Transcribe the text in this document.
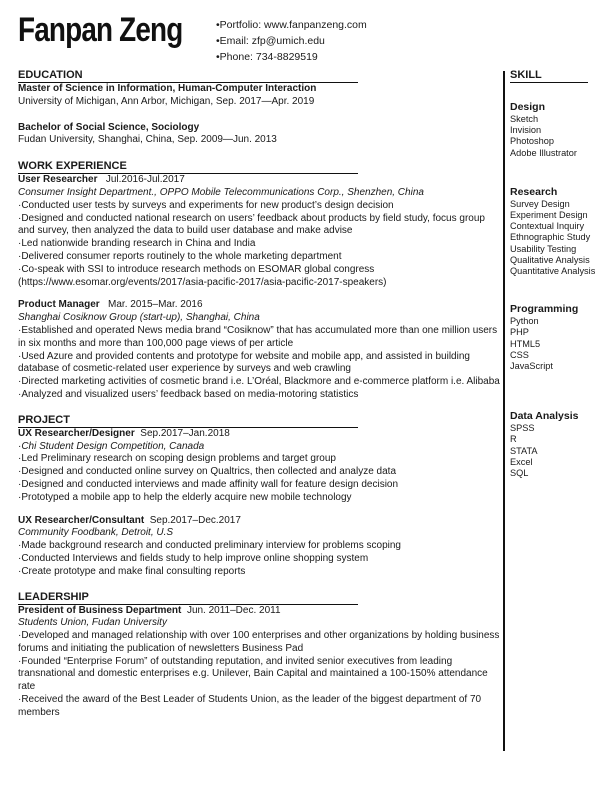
Fanpan Zeng	•Portfolio: www.fanpanzeng.com
•Email: zfp@umich.edu
•Phone: 734-8829519
EDUCATION
Master of Science in Information, Human-Computer Interaction
University of Michigan, Ann Arbor, Michigan, Sep. 2017—Apr. 2019
Bachelor of Social Science, Sociology
Fudan University, Shanghai, China, Sep. 2009—Jun. 2013
WORK EXPERIENCE
User Researcher Jul.2016-Jul.2017
Consumer Insight Department., OPPO Mobile Telecommunications Corp., Shenzhen, China
·Conducted user tests by surveys and experiments for new product’s design decision
·Designed and conducted national research on users’ feedback about products by field study, focus group and survey, then analyzed the data to build user database and make advise
·Led nationwide branding research in China and India
·Delivered consumer reports routinely to the whole marketing department
·Co-speak with SSI to introduce research methods on ESOMAR global congress
(https://www.esomar.org/events/2017/asia-pacific-2017/asia-pacific-2017-speakers)
Product Manager Mar. 2015–Mar. 2016
Shanghai Cosiknow Group (start-up), Shanghai, China
·Established and operated News media brand “Cosiknow” that has accumulated more than one million users in six months and more than 100,000 page views of per article
·Used Azure and provided contents and prototype for website and mobile app, and assisted in building database of cosmetic-related user experience by surveys and web crawling
·Directed marketing activities of cosmetic brand i.e. L’Oréal, Blackmore and e-commerce platform i.e. Alibaba
·Analyzed and visualized users’ feedback based on media-motoring statistics
PROJECT
UX Researcher/Designer Sep.2017–Jan.2018
·Chi Student Design Competition, Canada
·Led Preliminary research on scoping design problems and target group
·Designed and conducted online survey on Qualtrics, then collected and analyze data
·Designed and conducted interviews and made affinity wall for feature design decision
·Prototyped a mobile app to help the elderly acquire new mobile technology
UX Researcher/Consultant Sep.2017–Dec.2017
Community Foodbank, Detroit, U.S
·Made background research and conducted preliminary interview for problems scoping
·Conducted Interviews and fields study to help improve online shopping system
·Create prototype and make final consulting reports
LEADERSHIP
President of Business Department Jun. 2011–Dec. 2011
Students Union, Fudan University
·Developed and managed relationship with over 100 enterprises and other organizations by holding business forums and initiating the publication of newsletters Business Pad
·Founded “Enterprise Forum” of outstanding reputation, and invited senior executives from leading transnational and domestic enterprises e.g. Unilever, Bain Capital and maintained a 100-150% attendance rate
·Received the award of the Best Leader of Students Union, as the leader of the biggest department of 70 members
SKILL
Design
Sketch
Invision
Photoshop
Adobe Illustrator
Research
Survey Design
Experiment Design
Contextual Inquiry
Ethnographic Study
Usability Testing
Qualitative Analysis
Quantitative Analysis
Programming
Python
PHP
HTML5
CSS
JavaScript
Data Analysis
SPSS
R
STATA
Excel
SQL
